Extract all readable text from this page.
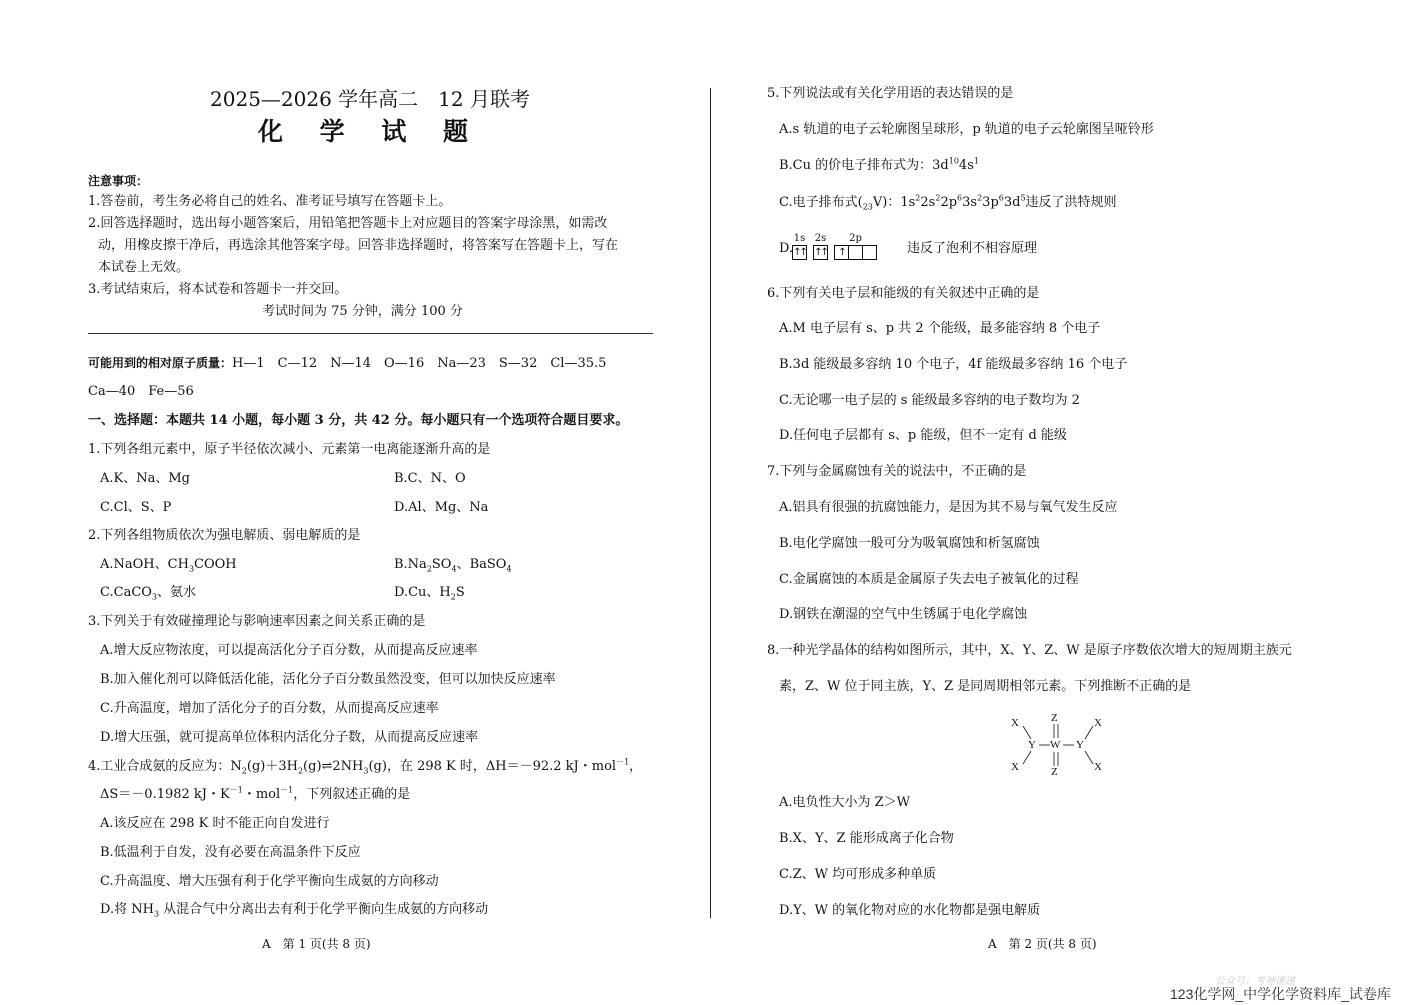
2025—2026 学年高二　12 月联考
化 学 试 题
注意事项：
1.答卷前，考生务必将自己的姓名、准考证号填写在答题卡上。
2.回答选择题时，选出每小题答案后，用铅笔把答题卡上对应题目的答案字母涂黑，如需改
动，用橡皮擦干净后，再选涂其他答案字母。回答非选择题时，将答案写在答题卡上，写在
本试卷上无效。
3.考试结束后，将本试卷和答题卡一并交回。
考试时间为 75 分钟，满分 100 分
可能用到的相对原子质量：H—1　C—12　N—14　O—16　Na—23　S—32　Cl—35.5
Ca—40　Fe—56
一、选择题：本题共 14 小题，每小题 3 分，共 42 分。每小题只有一个选项符合题目要求。
1.下列各组元素中，原子半径依次减小、元素第一电离能逐渐升高的是
A.K、Na、Mg	B.C、N、O
C.Cl、S、P	D.Al、Mg、Na
2.下列各组物质依次为强电解质、弱电解质的是
A.NaOH、$CH_3COOH$	$B.Na_2SO_4$、BaSO$_4$
C.CaCO$_3$、氨水	D.Cu、$H_2S$
3.下列关于有效碰撞理论与影响速率因素之间关系正确的是
A.增大反应物浓度，可以提高活化分子百分数，从而提高反应速率
B.加入催化剂可以降低活化能，活化分子百分数虽然没变，但可以加快反应速率
C.升高温度，增加了活化分子的百分数，从而提高反应速率
D.增大压强，就可提高单位体积内活化分子数，从而提高反应速率
4.工业合成氨的反应为：$N_2(g)+3H_2(g)\rightleftharpoons 2NH_3(g)$，在 298 K 时，ΔH＝－92.2 kJ・mol$^{-1}$，
ΔS＝－0.1982 kJ・$K^{-1}$・mol$^{-1}$，下列叙述正确的是
A.该反应在 298 K 时不能正向自发进行
B.低温利于自发，没有必要在高温条件下反应
C.升高温度、增大压强有利于化学平衡向生成氨的方向移动
D.将 $NH_3$ 从混合气中分离出去有利于化学平衡向生成氨的方向移动
A　第 1 页(共 8 页)
5.下列说法或有关化学用语的表达错误的是
A.s 轨道的电子云轮廓图呈球形，p 轨道的电子云轮廓图呈哑铃形
B.Cu 的价电子排布式为：$3d^{10}4s^1$
C.电子排布式$(_{23}V)$：$1s^22s^22p^63s^23p^63d^5$违反了洪特规则
D.
1s
↑↑
2s
↑↑
2p
↑	违反了泡利不相容原理
6.下列有关电子层和能级的有关叙述中正确的是
A.M 电子层有 s、p 共 2 个能级，最多能容纳 8 个电子
B.3d 能级最多容纳 10 个电子，4f 能级最多容纳 16 个电子
C.无论哪一电子层的 s 能级最多容纳的电子数均为 2
D.任何电子层都有 s、p 能级，但不一定有 d 能级
7.下列与金属腐蚀有关的说法中，不正确的是
A.铝具有很强的抗腐蚀能力，是因为其不易与氧气发生反应
B.电化学腐蚀一般可分为吸氧腐蚀和析氢腐蚀
C.金属腐蚀的本质是金属原子失去电子被氧化的过程
D.钢铁在潮湿的空气中生锈属于电化学腐蚀
8.一种光学晶体的结构如图所示，其中，X、Y、Z、W 是原子序数依次增大的短周期主族元
素，Z、W 位于同主族，Y、Z 是同周期相邻元素。下列推断不正确的是
X	Z	X
Y W Y
X	Z	X
A.电负性大小为 Z＞W
B.X、Y、Z 能形成离子化合物
C.Z、W 均可形成多种单质
D.Y、W 的氧化物对应的水化物都是强电解质
A　第 2 页(共 8 页)
公众号：考神速递
123化学网_中学化学资料库_试卷库
